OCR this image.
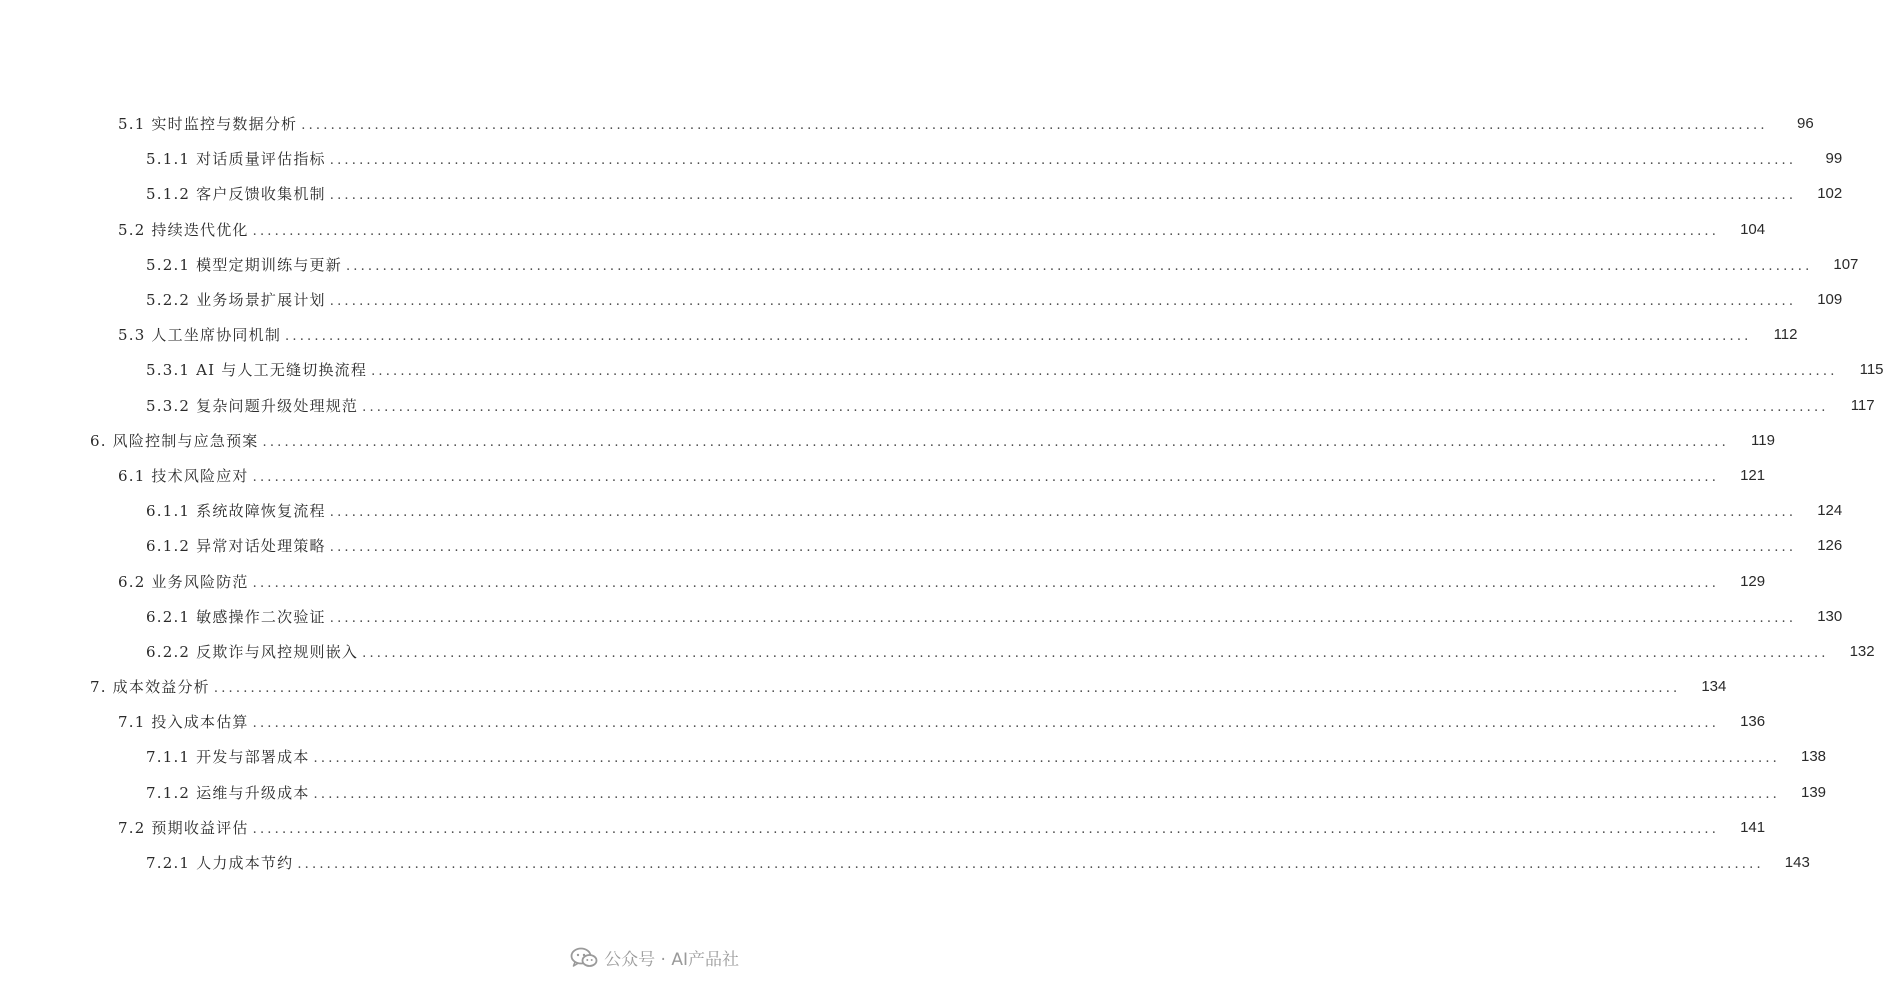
5.1 实时监控与数据分析 ........................................................................................................................................................................................................	96
5.1.1 对话质量评估指标 ........................................................................................................................................................................................................	99
5.1.2 客户反馈收集机制 ........................................................................................................................................................................................................	102
5.2 持续迭代优化 ........................................................................................................................................................................................................	104
5.2.1 模型定期训练与更新 ........................................................................................................................................................................................................	107
5.2.2 业务场景扩展计划 ........................................................................................................................................................................................................	109
5.3 人工坐席协同机制 ........................................................................................................................................................................................................	112
5.3.1 AI 与人工无缝切换流程 ........................................................................................................................................................................................................	115
5.3.2 复杂问题升级处理规范 ........................................................................................................................................................................................................	117
6. 风险控制与应急预案 ........................................................................................................................................................................................................	119
6.1 技术风险应对 ........................................................................................................................................................................................................	121
6.1.1 系统故障恢复流程 ........................................................................................................................................................................................................	124
6.1.2 异常对话处理策略 ........................................................................................................................................................................................................	126
6.2 业务风险防范 ........................................................................................................................................................................................................	129
6.2.1 敏感操作二次验证 ........................................................................................................................................................................................................	130
6.2.2 反欺诈与风控规则嵌入 ........................................................................................................................................................................................................	132
7. 成本效益分析 ........................................................................................................................................................................................................	134
7.1 投入成本估算 ........................................................................................................................................................................................................	136
7.1.1 开发与部署成本 ........................................................................................................................................................................................................	138
7.1.2 运维与升级成本 ........................................................................................................................................................................................................	139
7.2 预期收益评估 ........................................................................................................................................................................................................	141
7.2.1 人力成本节约 ........................................................................................................................................................................................................	143
公众号 · AI产品社
